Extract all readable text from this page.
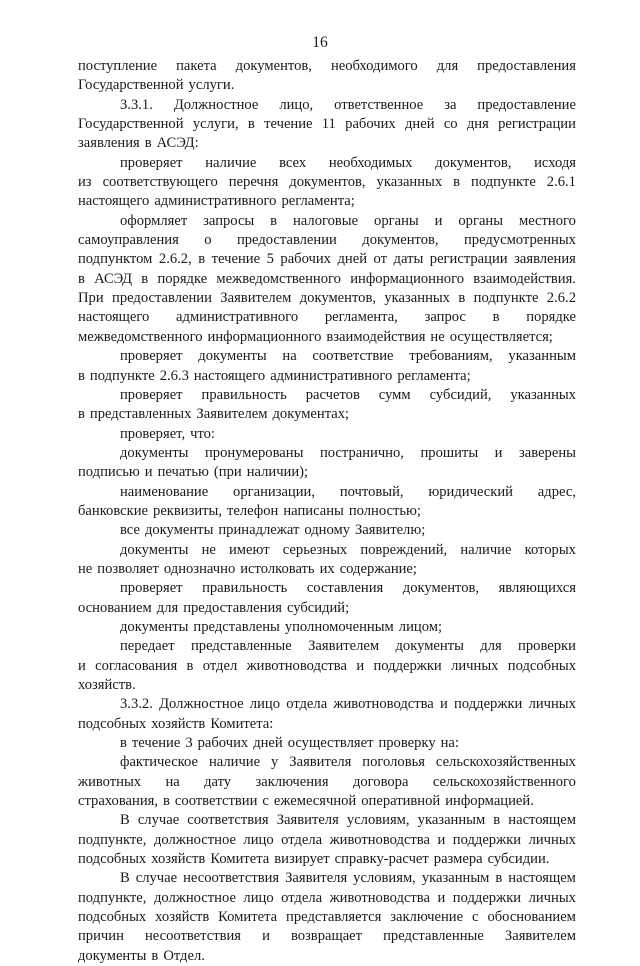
16
поступление пакета документов, необходимого для предоставления
Государственной услуги.
3.3.1. Должностное лицо, ответственное за предоставление
Государственной услуги, в течение 11 рабочих дней со дня регистрации
заявления в АСЭД:
проверяет наличие всех необходимых документов, исходя
из соответствующего перечня документов, указанных в подпункте 2.6.1
настоящего административного регламента;
оформляет запросы в налоговые органы и органы местного
самоуправления о предоставлении документов, предусмотренных
подпунктом 2.6.2, в течение 5 рабочих дней от даты регистрации заявления
в АСЭД в порядке межведомственного информационного взаимодействия.
При предоставлении Заявителем документов, указанных в подпункте 2.6.2
настоящего административного регламента, запрос в порядке
межведомственного информационного взаимодействия не осуществляется;
проверяет документы на соответствие требованиям, указанным
в подпункте 2.6.3 настоящего административного регламента;
проверяет правильность расчетов сумм субсидий, указанных
в представленных Заявителем документах;
проверяет, что:
документы пронумерованы постранично, прошиты и заверены
подписью и печатью (при наличии);
наименование организации, почтовый, юридический адрес,
банковские реквизиты, телефон написаны полностью;
все документы принадлежат одному Заявителю;
документы не имеют серьезных повреждений, наличие которых
не позволяет однозначно истолковать их содержание;
проверяет правильность составления документов, являющихся
основанием для предоставления субсидий;
документы представлены уполномоченным лицом;
передает представленные Заявителем документы для проверки
и согласования в отдел животноводства и поддержки личных подсобных
хозяйств.
3.3.2. Должностное лицо отдела животноводства и поддержки личных
подсобных хозяйств Комитета:
в течение 3 рабочих дней осуществляет проверку на:
фактическое наличие у Заявителя поголовья сельскохозяйственных
животных на дату заключения договора сельскохозяйственного
страхования, в соответствии с ежемесячной оперативной информацией.
В случае соответствия Заявителя условиям, указанным в настоящем
подпункте, должностное лицо отдела животноводства и поддержки личных
подсобных хозяйств Комитета визирует справку-расчет размера субсидии.
В случае несоответствия Заявителя условиям, указанным в настоящем
подпункте, должностное лицо отдела животноводства и поддержки личных
подсобных хозяйств Комитета представляется заключение с обоснованием
причин несоответствия и возвращает представленные Заявителем
документы в Отдел.
